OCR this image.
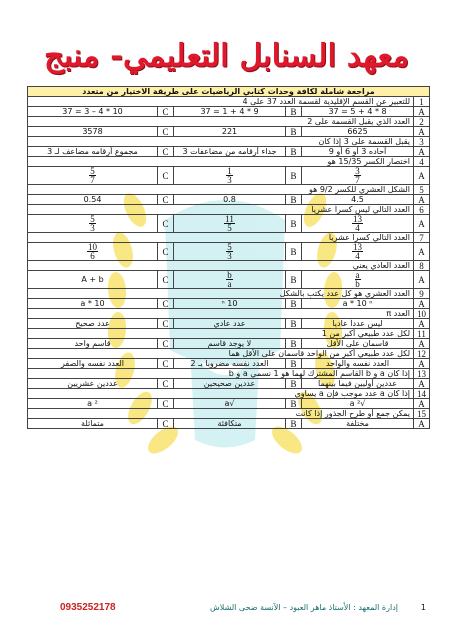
معهد السنابل التعليمي- منبج
مراجعة شاملة لكافة وحدات كتابي الرياضيات على طريقة الاختيار من متعدد					
1	للتعبير عن القسم الإقليدية لقسمة العدد 37 على 4				
A	8 * 4 + 5 = 37	B	9 * 4 + 1 = 37	C	10 * 4 – 3 = 37
2	العدد الذي يقبل القسمة على 2				
A	6625	B	221	C	3578
3	يقبل القسمة على 3 إذا كان				
A	آحاده 3 أو 6 أو 9	B	جداء أرقامه من مضاعفات 3	C	مجموع أرقامه مضاعف لـ 3
4	اختصار الكسر 15/35 هو				
A	$\frac{3}{7}$	B	$\frac{1}{3}$	C	$\frac{5}{7}$

5	الشكل العشري للكسر 9/2 هو				
A	4.5	B	0.8	C	0.54
6	العدد التالي ليس كسراً عشرياً				
A	$\frac{13}{4}$	B	$\frac{11}{5}$	C	$\frac{5}{3}$

7	العدد التالي كسراً عشرياً				
A	$\frac{13}{4}$	B	$\frac{5}{3}$	C	$\frac{10}{6}$

8	العدد العادي يعني				
A	$\frac{a}{b}$	B	$\frac{b}{a}$	C	A + b
9	العدد العشري هو كل عدد يكتب بالشكل				
A	a * 10 ⁿ	B	10 ⁿ	C	a * 10
10	العدد π				
A	ليس عدداً عادياً	B	عدد عادي	C	عدد صحيح
11	لكل عدد طبيعي أكبر من 1				
A	قاسمان على الأقل	B	لا يوجد قاسم	C	قاسم واحد
12	لكل عدد طبيعي أكبر من الواحد قاسمان على الأقل هما				
A	العدد نفسه والواحد	B	العدد نفسه مضروباً بـ 2	C	العدد نفسه والصفر
13	إذا كان a و b القاسم المشترك لهما هو 1 نسمي a و b				
A	عددين أوليين فيما بينهما	B	عددين صحيحين	C	عددين عشريين
14	إذا كان a عدد موجب فإن a يساوي				
A	√a ²	B	√a	C	a ²
15	يمكن جمع أو طرح الجذور إذا كانت				
A	مختلفة	B	متكافئة	C	متماثلة
1
إدارة المعهد : الأستاذ ماهر العبود – الآنسة ضحى الشلاش
0935252178
